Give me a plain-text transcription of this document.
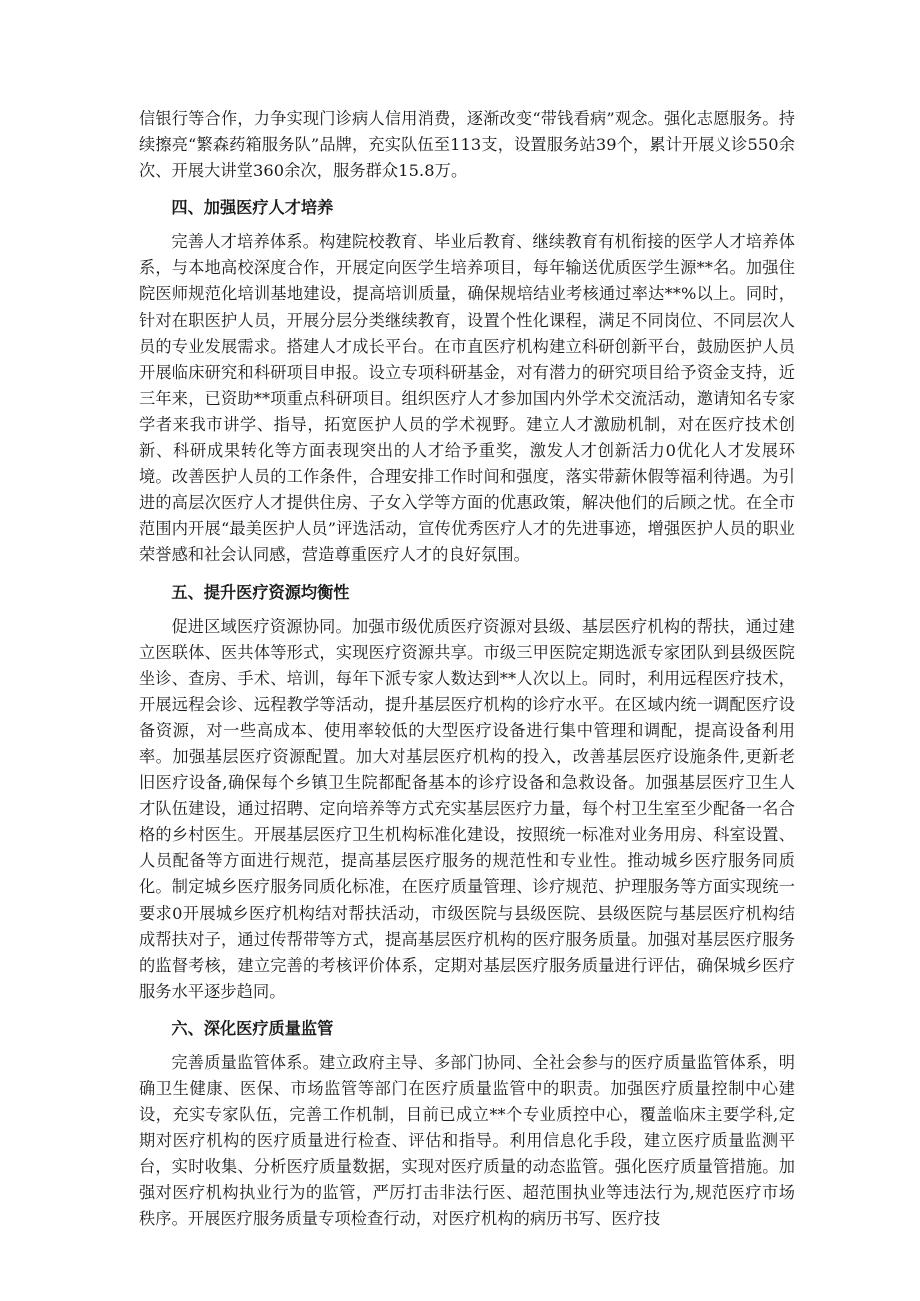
信银行等合作，力争实现门诊病人信用消费，逐渐改变“带钱看病”观念。强化志愿服务。持续擦亮“繁森药箱服务队”品牌，充实队伍至113支，设置服务站39个，累计开展义诊550余次、开展大讲堂360余次，服务群众15.8万。

四、加强医疗人才培养

完善人才培养体系。构建院校教育、毕业后教育、继续教育有机衔接的医学人才培养体系，与本地高校深度合作，开展定向医学生培养项目，每年输送优质医学生源**名。加强住院医师规范化培训基地建设，提高培训质量，确保规培结业考核通过率达**%以上。同时，针对在职医护人员，开展分层分类继续教育，设置个性化课程，满足不同岗位、不同层次人员的专业发展需求。搭建人才成长平台。在市直医疗机构建立科研创新平台，鼓励医护人员开展临床研究和科研项目申报。设立专项科研基金，对有潜力的研究项目给予资金支持，近三年来，已资助**项重点科研项目。组织医疗人才参加国内外学术交流活动，邀请知名专家学者来我市讲学、指导，拓宽医护人员的学术视野。建立人才激励机制，对在医疗技术创新、科研成果转化等方面表现突出的人才给予重奖，激发人才创新活力0优化人才发展环境。改善医护人员的工作条件，合理安排工作时间和强度，落实带薪休假等福利待遇。为引进的高层次医疗人才提供住房、子女入学等方面的优惠政策，解决他们的后顾之忧。在全市范围内开展“最美医护人员”评选活动，宣传优秀医疗人才的先进事迹，增强医护人员的职业荣誉感和社会认同感，营造尊重医疗人才的良好氛围。

五、提升医疗资源均衡性

促进区域医疗资源协同。加强市级优质医疗资源对县级、基层医疗机构的帮扶，通过建立医联体、医共体等形式，实现医疗资源共享。市级三甲医院定期选派专家团队到县级医院坐诊、查房、手术、培训，每年下派专家人数达到**人次以上。同时，利用远程医疗技术，开展远程会诊、远程教学等活动，提升基层医疗机构的诊疗水平。在区域内统一调配医疗设备资源，对一些高成本、使用率较低的大型医疗设备进行集中管理和调配，提高设备利用率。加强基层医疗资源配置。加大对基层医疗机构的投入，改善基层医疗设施条件,更新老旧医疗设备,确保每个乡镇卫生院都配备基本的诊疗设备和急救设备。加强基层医疗卫生人才队伍建设，通过招聘、定向培养等方式充实基层医疗力量，每个村卫生室至少配备一名合格的乡村医生。开展基层医疗卫生机构标准化建设，按照统一标准对业务用房、科室设置、人员配备等方面进行规范，提高基层医疗服务的规范性和专业性。推动城乡医疗服务同质化。制定城乡医疗服务同质化标准，在医疗质量管理、诊疗规范、护理服务等方面实现统一要求0开展城乡医疗机构结对帮扶活动，市级医院与县级医院、县级医院与基层医疗机构结成帮扶对子，通过传帮带等方式，提高基层医疗机构的医疗服务质量。加强对基层医疗服务的监督考核，建立完善的考核评价体系，定期对基层医疗服务质量进行评估，确保城乡医疗服务水平逐步趋同。

六、深化医疗质量监管

完善质量监管体系。建立政府主导、多部门协同、全社会参与的医疗质量监管体系，明确卫生健康、医保、市场监管等部门在医疗质量监管中的职责。加强医疗质量控制中心建设，充实专家队伍，完善工作机制，目前已成立**个专业质控中心，覆盖临床主要学科,定期对医疗机构的医疗质量进行检查、评估和指导。利用信息化手段，建立医疗质量监测平台，实时收集、分析医疗质量数据，实现对医疗质量的动态监管。强化医疗质量管措施。加强对医疗机构执业行为的监管，严厉打击非法行医、超范围执业等违法行为,规范医疗市场秩序。开展医疗服务质量专项检查行动，对医疗机构的病历书写、医疗技
